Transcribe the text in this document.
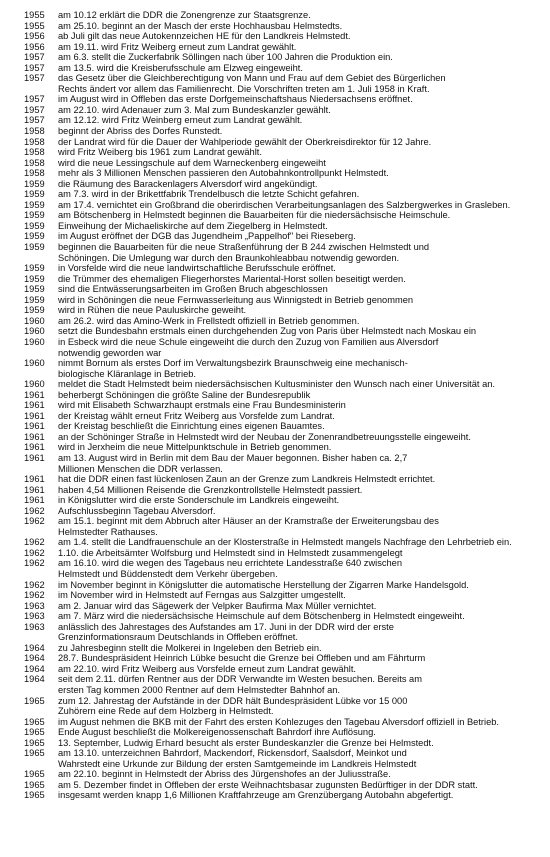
1955	am 10.12 erklärt die DDR die Zonengrenze zur Staatsgrenze.
1955	am 25.10. beginnt an der Masch der erste Hochhausbau Helmstedts.
1956	ab Juli gilt das neue Autokennzeichen HE für den Landkreis Helmstedt.
1956	am 19.11. wird Fritz Weiberg erneut zum Landrat gewählt.
1957	am 6.3. stellt die Zuckerfabrik Söllingen nach über 100 Jahren die Produktion ein.
1957	am 13.5. wird die Kreisberufsschule am Elzweg eingeweiht.
1957	das Gesetz über die Gleichberechtigung von Mann und Frau auf dem Gebiet des Bürgerlichen
Rechts ändert vor allem das Familienrecht. Die Vorschriften treten am 1. Juli 1958 in Kraft.
1957	im August wird in Offleben das erste Dorfgemeinschaftshaus Niedersachsens eröffnet.
1957	am 22.10. wird Adenauer zum 3. Mal zum Bundeskanzler gewählt.
1957	am 12.12. wird Fritz Weinberg erneut zum Landrat gewählt.
1958	beginnt der Abriss des Dorfes Runstedt.
1958	der Landrat wird für die Dauer der Wahlperiode gewählt der Oberkreisdirektor für 12 Jahre.
1958	wird Fritz Weiberg bis 1961 zum Landrat gewählt.
1958	wird die neue Lessingschule auf dem Warneckenberg eingeweiht
1958	mehr als 3 Millionen Menschen passieren den Autobahnkontrollpunkt Helmstedt.
1959	die Räumung des Barackenlagers Alversdorf wird angekündigt.
1959	am 7.3. wird in der Brikettfabrik Trendelbusch die letzte Schicht gefahren.
1959	am 17.4. vernichtet ein Großbrand die oberirdischen Verarbeitungsanlagen des Salzbergwerkes in Grasleben.
1959	am Bötschenberg in Helmstedt beginnen die Bauarbeiten für die niedersächsische Heimschule.
1959	Einweihung der Michaeliskirche auf dem Ziegelberg in Helmstedt.
1959	im August eröffnet der DGB das Jugendheim „Pappelhof" bei Rieseberg.
1959	beginnen die Bauarbeiten für die neue Straßenführung der B 244 zwischen Helmstedt und
Schöningen. Die Umlegung war durch den Braunkohleabbau notwendig geworden.
1959	in Vorsfelde wird die neue landwirtschaftliche Berufsschule eröffnet.
1959	die Trümmer des ehemaligen Fliegerhorstes Mariental-Horst sollen beseitigt werden.
1959	sind die Entwässerungsarbeiten im Großen Bruch abgeschlossen
1959	wird in Schöningen die neue Fernwasserleitung aus Winnigstedt in Betrieb genommen
1959	wird in Rühen die neue Pauluskirche geweiht.
1960	am 26.2. wird das Amino-Werk in Frellstedt offiziell in Betrieb genommen.
1960	setzt die Bundesbahn erstmals einen durchgehenden Zug von Paris über Helmstedt nach Moskau ein
1960	in Esbeck wird die neue Schule eingeweiht die durch den Zuzug von Familien aus Alversdorf
notwendig geworden war
1960	nimmt Bornum als erstes Dorf im Verwaltungsbezirk Braunschweig eine mechanisch-
biologische Kläranlage in Betrieb.
1960	meldet die Stadt Helmstedt beim niedersächsischen Kultusminister den Wunsch nach einer Universität an.
1961	beherbergt Schöningen die größte Saline der Bundesrepublik
1961	wird mit Elisabeth Schwarzhaupt erstmals eine Frau Bundesministerin
1961	der Kreistag wählt erneut Fritz Weiberg aus Vorsfelde zum Landrat.
1961	der Kreistag beschließt die Einrichtung eines eigenen Bauamtes.
1961	an der Schöninger Straße in Helmstedt wird der Neubau der Zonenrandbetreuungsstelle eingeweiht.
1961	wird in Jerxheim die neue Mittelpunktschule in Betrieb genommen.
1961	am 13. August wird in Berlin mit dem Bau der Mauer begonnen. Bisher haben ca. 2,7
Millionen Menschen die DDR verlassen.
1961	hat die DDR einen fast lückenlosen Zaun an der Grenze zum Landkreis Helmstedt errichtet.
1961	haben 4,54 Millionen Reisende die Grenzkontrollstelle Helmstedt passiert.
1961	in Königslutter wird die erste Sonderschule im Landkreis eingeweiht.
1962	Aufschlussbeginn Tagebau Alversdorf.
1962	am 15.1. beginnt mit dem Abbruch alter Häuser an der Kramstraße der Erweiterungsbau des
Helmstedter Rathauses.
1962	am 1.4. stellt die Landfrauenschule an der Klosterstraße in Helmstedt mangels Nachfrage den Lehrbetrieb ein.
1962	1.10. die Arbeitsämter Wolfsburg und Helmstedt sind in Helmstedt zusammengelegt
1962	am 16.10. wird die wegen des Tagebaus neu errichtete Landesstraße 640 zwischen
Helmstedt und Büddenstedt dem Verkehr übergeben.
1962	im November beginnt in Königslutter die automatische Herstellung der Zigarren Marke Handelsgold.
1962	im November wird in Helmstedt auf Ferngas aus Salzgitter umgestellt.
1963	am 2. Januar wird das Sägewerk der Velpker Baufirma Max Müller vernichtet.
1963	am 7. März wird die niedersächsische Heimschule auf dem Bötschenberg in Helmstedt eingeweiht.
1963	anlässlich des Jahrestages des Aufstandes am 17. Juni in der DDR wird der erste
Grenzinformationsraum Deutschlands in Offleben eröffnet.
1964	zu Jahresbeginn stellt die Molkerei in Ingeleben den Betrieb ein.
1964	28.7. Bundespräsident Heinrich Lübke besucht die Grenze bei Offleben und am Fährturm
1964	am 22.10. wird Fritz Weiberg aus Vorsfelde erneut zum Landrat gewählt.
1964	seit dem 2.11. dürfen Rentner aus der DDR Verwandte im Westen besuchen. Bereits am
ersten Tag kommen 2000 Rentner auf dem Helmstedter Bahnhof an.
1965	zum 12. Jahrestag der Aufstände in der DDR hält Bundespräsident Lübke vor 15 000
Zuhörern eine Rede auf dem Holzberg in Helmstedt.
1965	im August nehmen die BKB mit der Fahrt des ersten Kohlezuges den Tagebau Alversdorf offiziell in Betrieb.
1965	Ende August beschließt die Molkereigenossenschaft Bahrdorf ihre Auflösung.
1965	13. September, Ludwig Erhard besucht als erster Bundeskanzler die Grenze bei Helmstedt.
1965	am 13.10. unterzeichnen Bahrdorf, Mackendorf, Rickensdorf, Saalsdorf, Meinkot und
Wahrstedt eine Urkunde zur Bildung der ersten Samtgemeinde im Landkreis Helmstedt
1965	am 22.10. beginnt in Helmstedt der Abriss des Jürgenshofes an der Juliusstraße.
1965	am 5. Dezember findet in Offleben der erste Weihnachtsbasar zugunsten Bedürftiger in der DDR statt.
1965	insgesamt werden knapp 1,6 Millionen Kraftfahrzeuge am Grenzübergang Autobahn abgefertigt.
